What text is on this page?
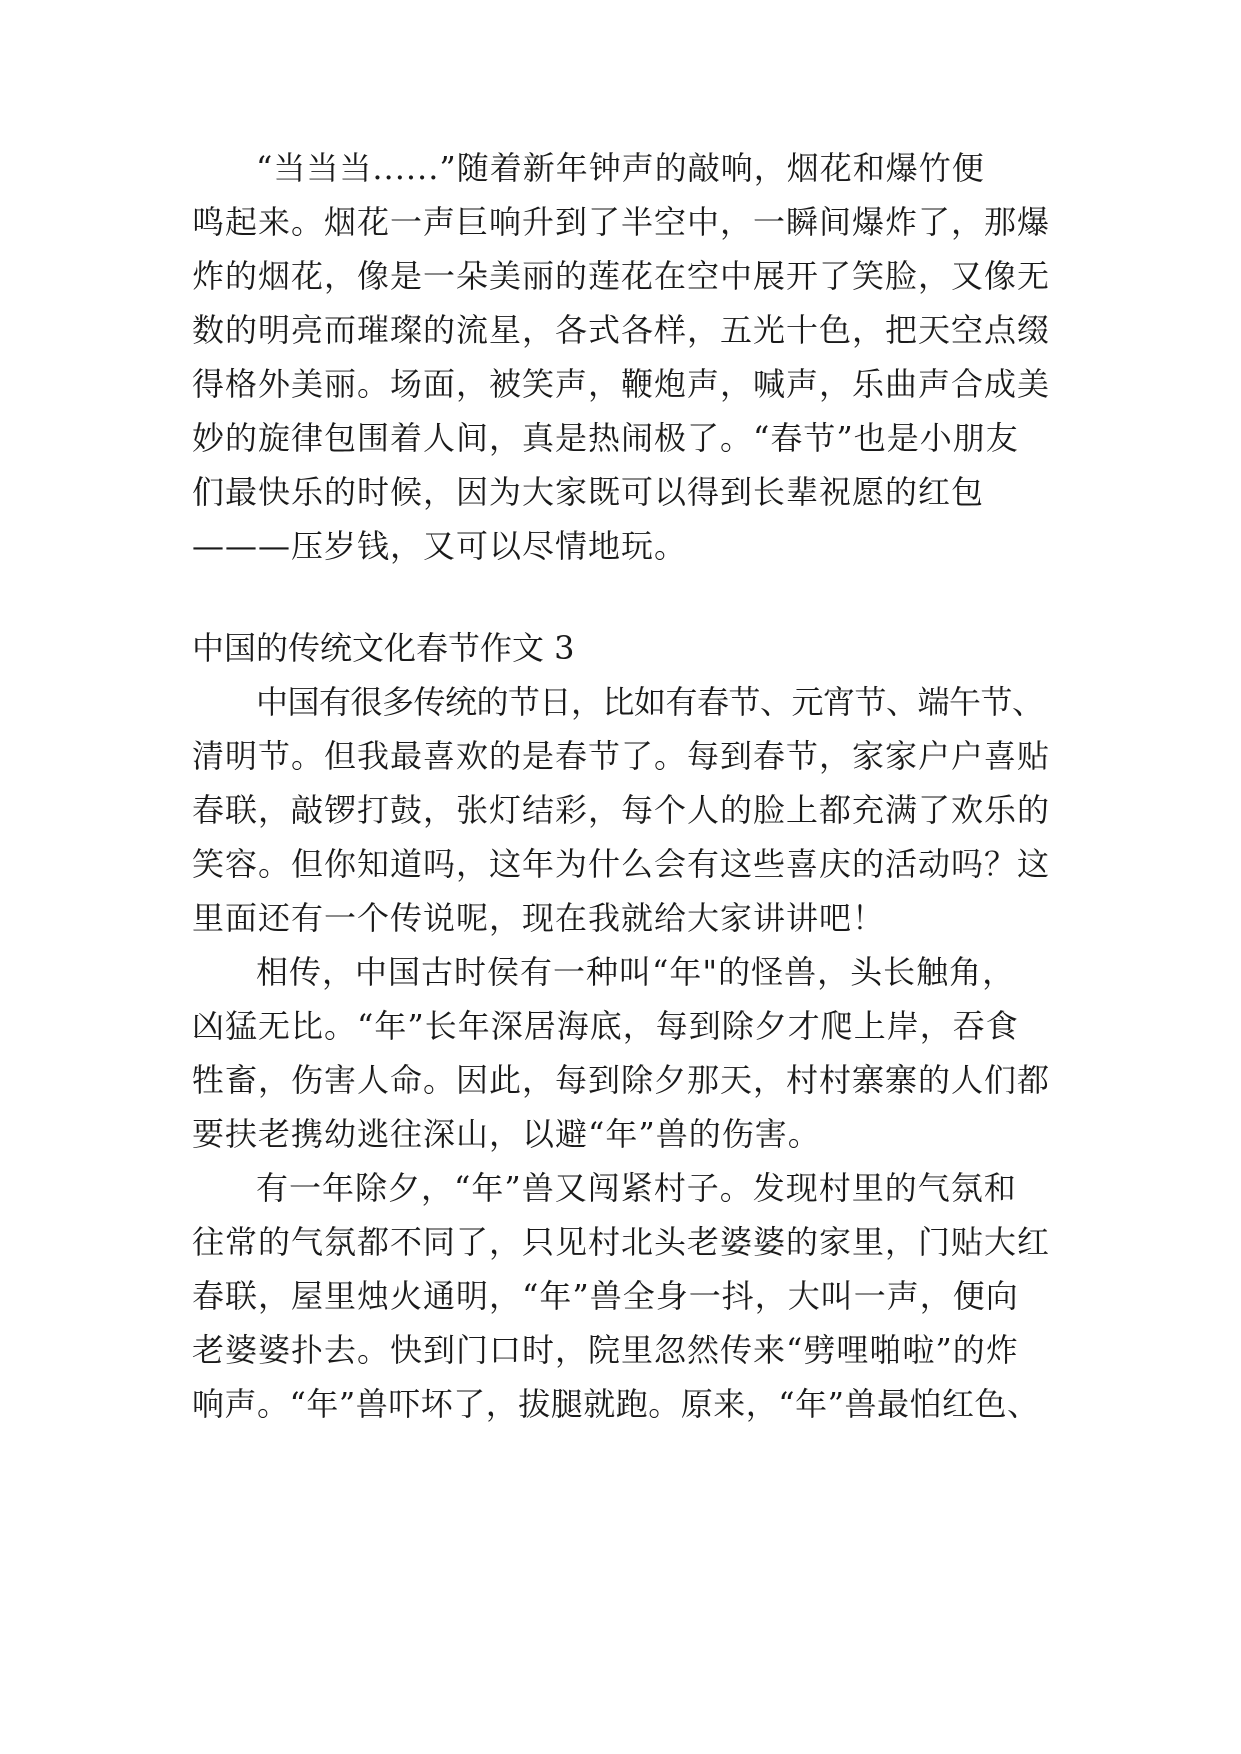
“当当当......”随着新年钟声的敲响，烟花和爆竹便
鸣起来。烟花一声巨响升到了半空中，一瞬间爆炸了，那爆
炸的烟花，像是一朵美丽的莲花在空中展开了笑脸，又像无
数的明亮而璀璨的流星，各式各样，五光十色，把天空点缀
得格外美丽。场面，被笑声，鞭炮声，喊声，乐曲声合成美
妙的旋律包围着人间，真是热闹极了。“春节”也是小朋友
们最快乐的时候，因为大家既可以得到长辈祝愿的红包
———压岁钱，又可以尽情地玩。
中国的传统文化春节作文 3
中国有很多传统的节日，比如有春节、元宵节、端午节、
清明节。但我最喜欢的是春节了。每到春节，家家户户喜贴
春联，敲锣打鼓，张灯结彩，每个人的脸上都充满了欢乐的
笑容。但你知道吗，这年为什么会有这些喜庆的活动吗？这
里面还有一个传说呢，现在我就给大家讲讲吧！
相传，中国古时侯有一种叫“年"的怪兽，头长触角，
凶猛无比。“年”长年深居海底，每到除夕才爬上岸，吞食
牲畜，伤害人命。因此，每到除夕那天，村村寨寨的人们都
要扶老携幼逃往深山，以避“年”兽的伤害。
有一年除夕，“年”兽又闯紧村子。发现村里的气氛和
往常的气氛都不同了，只见村北头老婆婆的家里，门贴大红
春联，屋里烛火通明，“年”兽全身一抖，大叫一声，便向
老婆婆扑去。快到门口时，院里忽然传来“劈哩啪啦”的炸
响声。“年”兽吓坏了，拔腿就跑。原来，“年”兽最怕红色、
